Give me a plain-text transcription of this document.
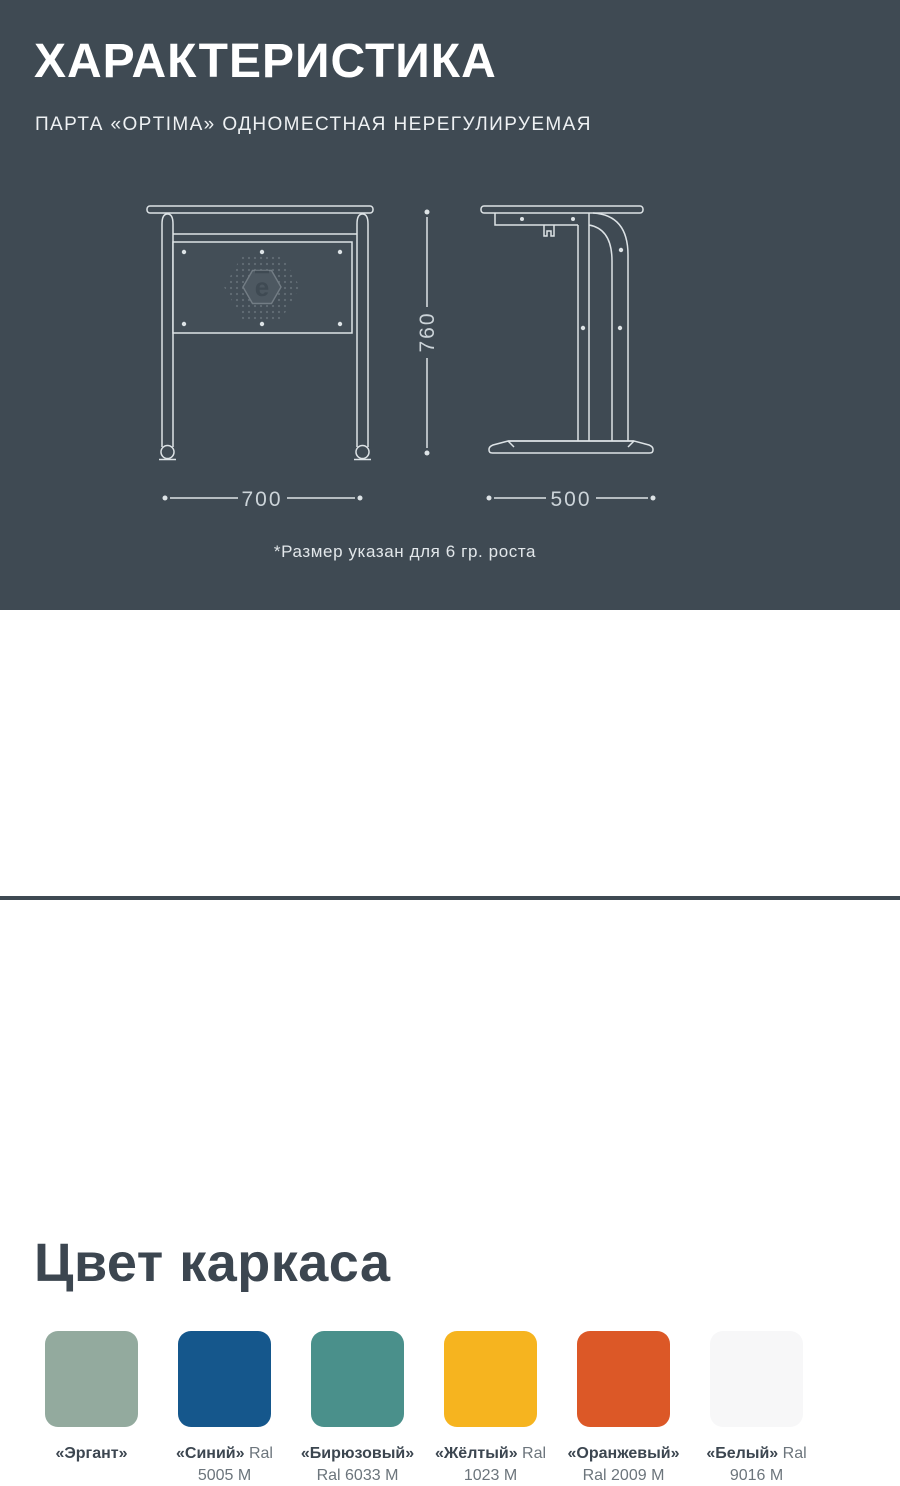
ХАРАКТЕРИСТИКА
ПАРТА «OPTIMA» ОДНОМЕСТНАЯ НЕРЕГУЛИРУЕМАЯ
e
700
760
500
*Размер указан для 6 гр. роста
Цвет каркаса
«Эргант»	«Синий» Ral 5005 M
«Бирюзовый» Ral 6033 M
«Жёлтый» Ral 1023 M
«Оранжевый» Ral 2009 M
«Белый» Ral 9016 M
